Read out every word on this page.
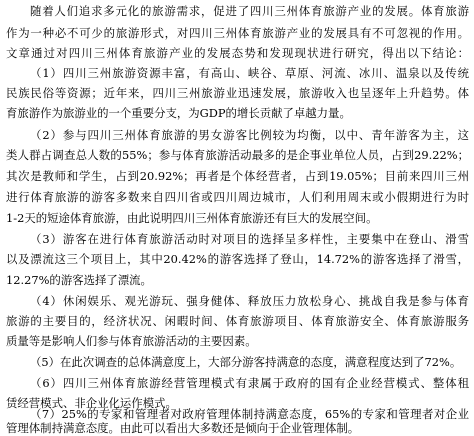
随着人们追求多元化的旅游需求，促进了四川三州体育旅游产业的发展。体育旅游
作为一种必不可少的旅游形式，对四川三州体育旅游产业的发展具有不可忽视的作用。
文章通过对四川三州体育旅游产业的发展态势和发现现状进行研究，得出以下结论：
（1）四川三州旅游资源丰富，有高山、峡谷、草原、河流、冰川、温泉以及传统
民族民俗等资源；近年来，四川三州旅游业迅速发展，旅游收入也呈逐年上升趋势。体
育旅游作为旅游业的一个重要分支，为GDP的增长贡献了卓越力量。
（2）参与四川三州体育旅游的男女游客比例较为均衡，以中、青年游客为主，这
类人群占调查总人数的55%；参与体育旅游活动最多的是企事业单位人员，占到29.22%；
其次是教师和学生，占到20.92%；再者是个体经营者，占到19.05%；目前来四川三州
进行体育旅游的游客多数来自四川省或四川周边城市，人们利用周末或小假期进行为时
1-2天的短途体育旅游，由此说明四川三州体育旅游还有巨大的发展空间。
（3）游客在进行体育旅游活动时对项目的选择呈多样性，主要集中在登山、滑雪
以及漂流这三个项目上，其中20.42%的游客选择了登山，14.72%的游客选择了滑雪，
12.27%的游客选择了漂流。
（4）休闲娱乐、观光游玩、强身健体、释放压力放松身心、挑战自我是参与体育
旅游的主要目的，经济状况、闲暇时间、体育旅游项目、体育旅游安全、体育旅游服务
质量等是影响人们参与体育旅游活动的主要因素。
（5）在此次调查的总体满意度上，大部分游客持满意的态度，满意程度达到了72%。
（6）四川三州体育旅游经营管理模式有隶属于政府的国有企业经营模式、整体租
赁经营模式、非企业化运作模式。
（7）25%的专家和管理者对政府管理体制持满意态度，65%的专家和管理者对企业
管理体制持满意态度。由此可以看出大多数还是倾向于企业管理体制。
